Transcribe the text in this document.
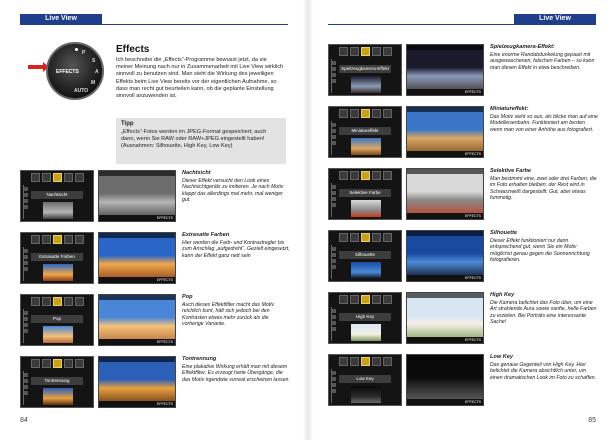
Live View
EFFECTS
P
S
A
M
AUTO
Effects
Ich beschreibe die „Effects“-Programme bewusst jetzt, da sie meiner Meinung nach nur in Zusammenarbeit mit Live View wirklich sinnvoll zu benutzen sind. Man sieht die Wirkung des jeweiligen Effekts beim Live View bereits vor der eigentlichen Aufnahme, so dass man recht gut beurteilen kann, ob die geplante Einstellung sinnvoll anzuwenden ist.
Tipp
„Effects“-Fotos werden im JPEG-Format gespeichert; auch dann, wenn Sie RAW oder RAW+JPEG eingestellt haben! (Ausnahmen: Silhouette, High Key, Low Key)
Nachtsicht
EFFECTS
Nachtsicht
Dieser Effekt versucht den Look eines Nachtsichtgeräts zu imitieren. Je nach Motiv klappt das allerdings mal mehr, mal weniger gut.
Extrasatte Farben
EFFECTS
Extrasatte Farben
Hier werden die Farb- und Kontrastregler bis zum Anschlag „aufgedreht“. Gezielt eingesetzt, kann der Effekt ganz nett sein
Pop
EFFECTS
Pop
Auch dieses Effektfilter macht das Motiv reichlich bunt, hält sich jedoch bei den Kontrasten etwas mehr zurück als die vorherige Variante.
Tontrennung
EFFECTS
Tontrennung
Eine plakative Wirkung erhält man mit diesem Effektfilter. Es erzeugt harte Übergänge, die das Motiv irgendwie surreal erscheinen lassen.
84
Live View
Spielzeugkamera-Effekt
EFFECTS
Spielzeugkamera-Effekt:
Eine enorme Randabdunkelung gepaart mit ausgewaschenen, falschen Farben – so kann man diesen Effekt in etwa beschreiben.
Miniatureffekt
EFFECTS
Miniatureffekt:
Das Motiv sieht so aus, als blicke man auf eine Modelleisenbahn. Funktioniert am besten wenn man von einer Anhöhe aus fotografiert.
Selektive Farbe
EFFECTS
Selektive Farbe
Man bestimmt eine, zwei oder drei Farben, die im Foto erhalten bleiben; der Rest wird in Schwarzweiß dargestellt. Gut, aber etwas fummelig.
Silhouette
EFFECTS
Silhouette
Dieser Effekt funktioniert nur dann entsprechend gut, wenn Sie ein Motiv möglichst genau gegen die Sonnenrichtung fotografieren.
High Key
EFFECTS
High Key
Die Kamera belichtet das Foto über, um eine Art strahlende Aura sowie sanfte, helle Farben zu erzielen. Bei Porträts eine interessante Sache!
Low Key
EFFECTS
Low Key
Das genaue Gegenteil von High Key. Hier belichtet die Kamera absichtlich unter, um einen dramatischen Look im Foto zu schaffen.
85
